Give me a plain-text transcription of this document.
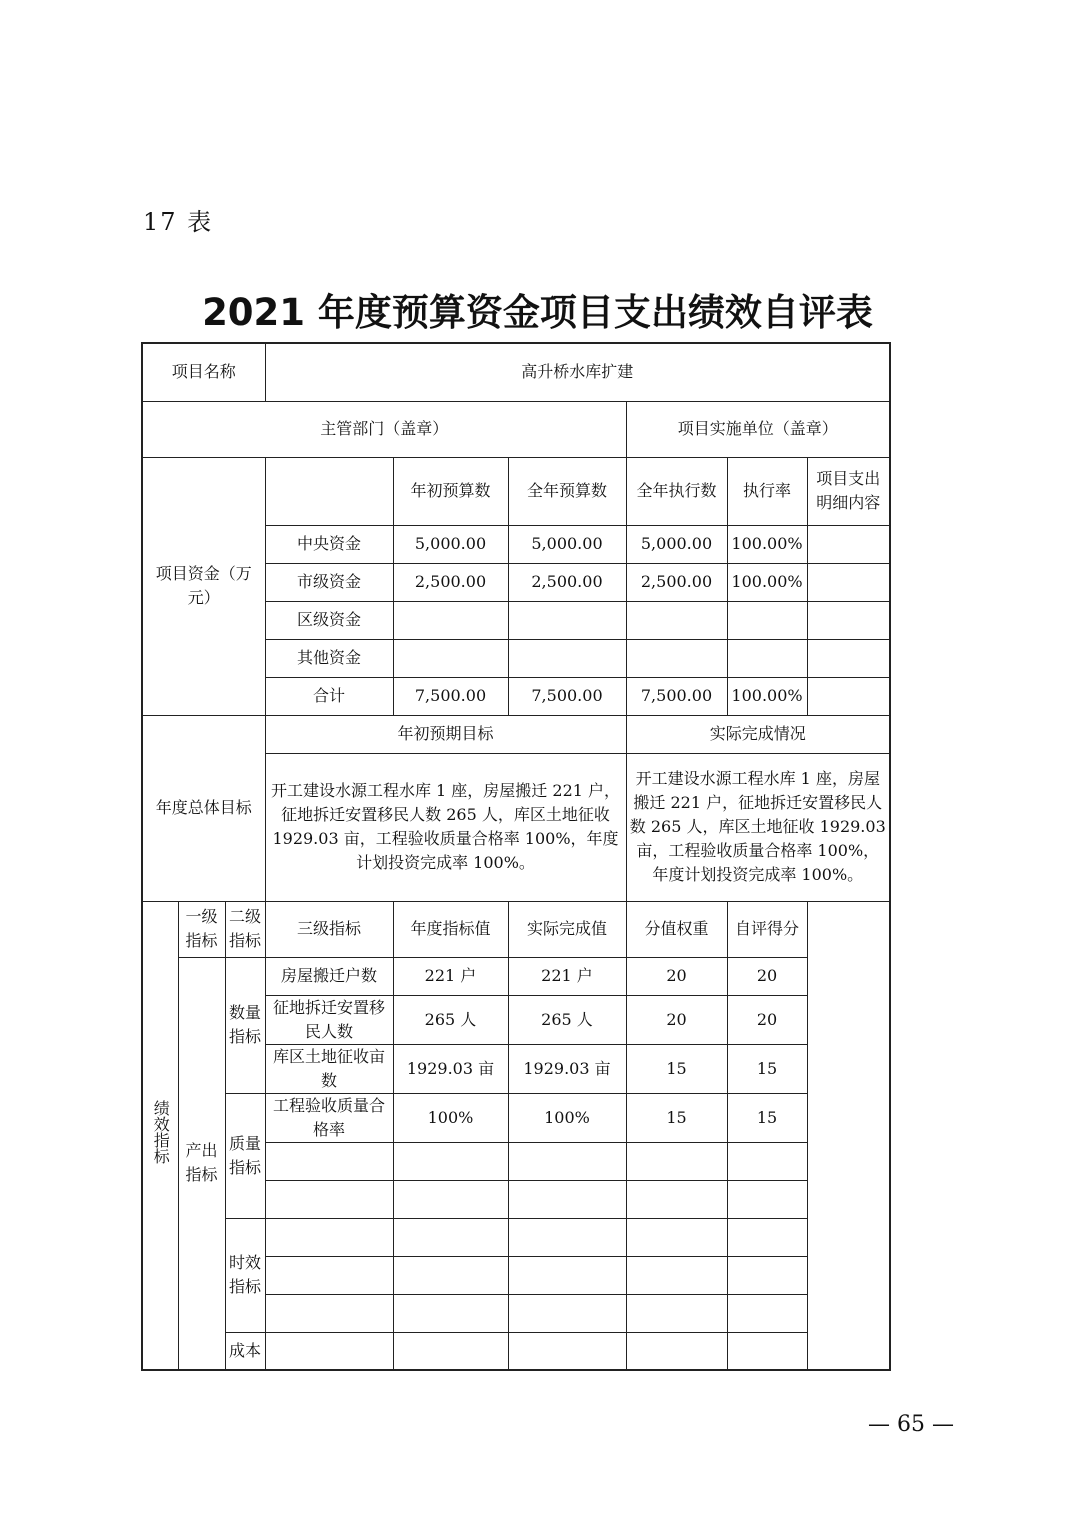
17 表
2021 年度预算资金项目支出绩效自评表
项目名称			高升桥水库扩建					
主管部门（盖章）						项目实施单位（盖章）		
项目资金（万元）				年初预算数	全年预算数	全年执行数	执行率	项目支出明细内容
			中央资金	5,000.00	5,000.00	5,000.00	100.00%	
			市级资金	2,500.00	2,500.00	2,500.00	100.00%	
			区级资金					
			其他资金					
			合计	7,500.00	7,500.00	7,500.00	100.00%	
年度总体目标			年初预期目标			实际完成情况		
			开工建设水源工程水库 1 座，房屋搬迁 221 户，征地拆迁安置移民人数 265 人，库区土地征收 1929.03 亩，工程验收质量合格率 100%，年度计划投资完成率 100%。			开工建设水源工程水库 1 座，房屋搬迁 221 户，征地拆迁安置移民人数 265 人，库区土地征收 1929.03 亩，工程验收质量合格率 100%，年度计划投资完成率 100%。		
绩效指标	一级指标	二级指标	三级指标	年度指标值	实际完成值	分值权重	自评得分
	产出指标	数量指标	房屋搬迁户数	221 户	221 户	20	20	
			征地拆迁安置移民人数	265 人	265 人	20	20	
			库区土地征收亩数	1929.03 亩	1929.03 亩	15	15	
		质量指标	工程验收质量合格率	100%	100%	15	15	

		时效指标						

		成本						
— 65 —
